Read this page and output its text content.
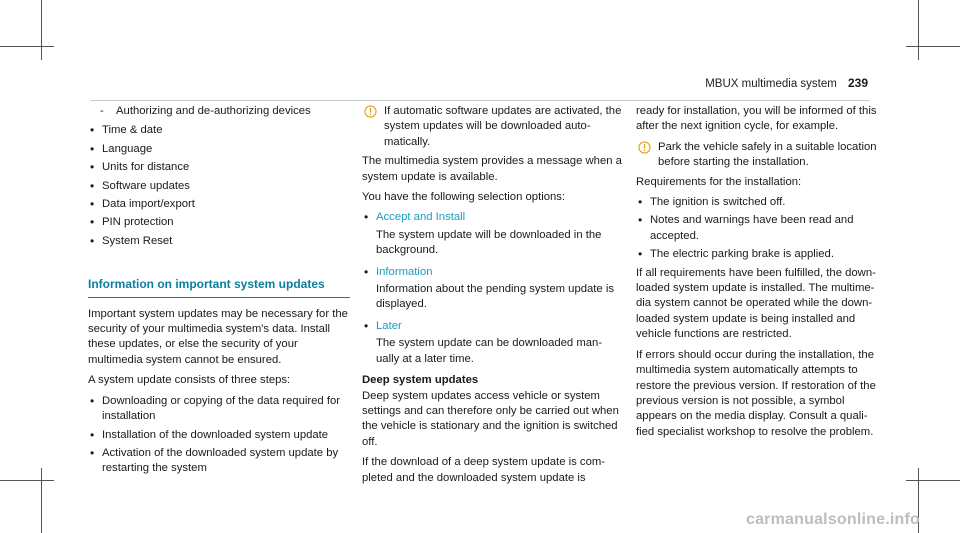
MBUX multimedia system 239
- Authorizing and de-authorizing devices
• Time & date
• Language
• Units for distance
• Software updates
• Data import/export
• PIN protection
• System Reset
Information on important system updates

Important system updates may be necessary for the security of your multimedia system's data. Install these updates, or else the security of your multimedia system cannot be ensured.

A system update consists of three steps:

• Downloading or copying of the data required for installation
• Installation of the downloaded system update
• Activation of the downloaded system update by restarting the system
If automatic software updates are activated, the system updates will be downloaded auto- matically.

The multimedia system provides a message when a system update is available.

You have the following selection options:

• Accept and Install
The system update will be downloaded in the background.
• Information
Information about the pending system update is displayed.
• Later
The system update can be downloaded man- ually at a later time.
Deep system updates

Deep system updates access vehicle or system settings and can therefore only be carried out when the vehicle is stationary and the ignition is switched off.

If the download of a deep system update is com- pleted and the downloaded system update is

ready for installation, you will be informed of this after the next ignition cycle, for example.

Park the vehicle safely in a suitable location before starting the installation.

Requirements for the installation:

• The ignition is switched off.
• Notes and warnings have been read and accepted.
• The electric parking brake is applied.

If all requirements have been fulfilled, the down- loaded system update is installed. The multime- dia system cannot be operated while the down- loaded system update is being installed and vehicle functions are restricted.

If errors should occur during the installation, the multimedia system automatically attempts to restore the previous version. If restoration of the previous version is not possible, a symbol appears on the media display. Consult a quali- fied specialist workshop to resolve the problem.

carmanualsonline.info
